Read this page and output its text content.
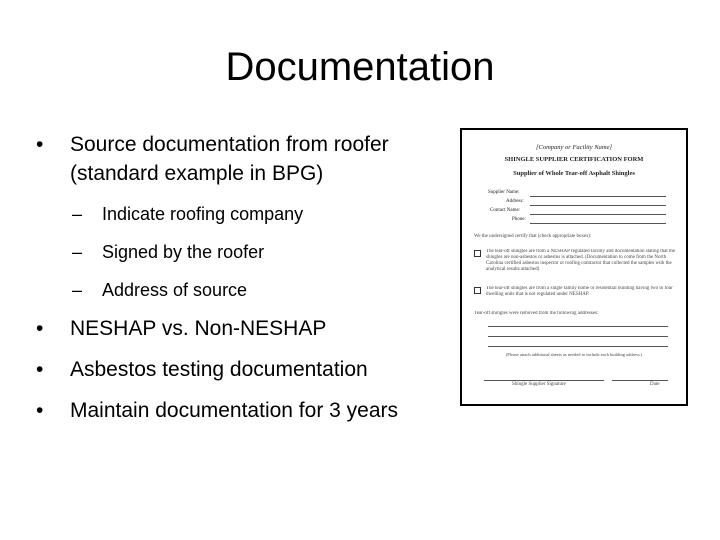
Documentation
•	Source documentation from roofer (standard example in BPG)
– Indicate roofing company
– Signed by the roofer
– Address of source
•	NESHAP vs. Non-NESHAP
•	Asbestos testing documentation
•	Maintain documentation for 3 years
[Company or Facility Name]
SHINGLE SUPPLIER CERTIFICATION FORM
Supplier of Whole Tear-off Asphalt Shingles
Supplier Name:
Address:
Contact Name:
Phone:
We the undersigned certify that (check appropriate boxes):
The tear-off shingles are from a NESHAP regulated facility and documentation stating that the shingles are non-asbestos or asbestos is attached. (Documentation to come from the North Carolina certified asbestos inspector or roofing contractor that collected the samples with the analytical results attached)
The tear-off shingles are from a single family home or residential building having two to four dwelling units that is not regulated under NESHAP.
Tear-off shingles were removed from the following addresses:
(Please attach additional sheets as needed to include each building address.)
Shingle Supplier Signature	Date
